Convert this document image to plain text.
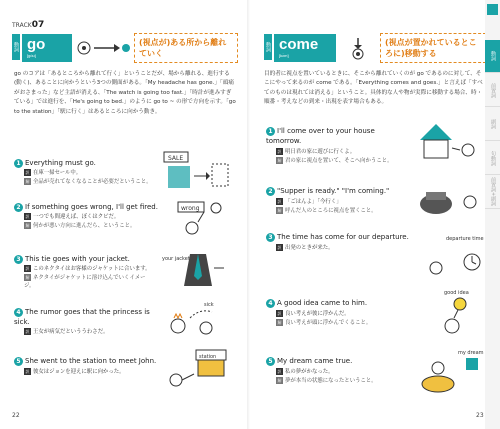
TRACK07
動詞 go
[góu]
(視点が)ある所から離れていく
go のコアは「あるところから離れて行く」ということだが、場から離れる、進行する(動く)、あることに向かうという3つの側面がある。「My headache has gone.」「頭痛がおさまった」など主語が消える、「The watch is going too fast.」「時計が進みすぎている」では進行を、「He's going to bed.」のように go to ~ の形で方向を示す。「go to the station」「駅に行く」はあるところに向かう動き。
1 Everything must go.
訳 在庫一掃セール中。
解 全品が売れてなくなることが必要だということ。
SALE
2 If something goes wrong, I'll get fired.
訳 一つでも間違えば、ぼくはクビだ。
解 何かが悪い方向に進んだら、ということ。
wrong
3 This tie goes with your jacket.
訳 このネクタイはお客様のジャケットに合います。
解 ネクタイがジャケットに溶け込んでいくイメージ。
your jacket
4 The rumor goes that the princess is sick.
訳 王女が病気だといううわさだ。
sick
5 She went to the station to meet John.
訳 彼女はジョンを迎えに駅に向かった。
station
22
動詞 come
[kʌ́m]
(視点が置かれているところに)移動する
目的者に視点を置いているときに、そこから離れていくのが go であるのに対して、そこにやって来るのが come である。「Everything comes and goes.」と言えば「すべてのものは現れては消える」ということ。具体的な人や物が実際に移動する場合、時・順番・考えなどの到来・出現を表す場合もある。
1 I'll come over to your house tomorrow.
訳 明日君の家に遊びに行くよ。
解 君の家に視点を置いて、そこへ向かうこと。
2 "Supper is ready." "I'm coming."
訳 「ごはんよ」「今行く」
解 呼んだ人のところに視点を置くこと。
3 The time has come for our departure.
訳 出発のときが来た。
departure time
4 A good idea came to him.
訳 良い考えが彼に浮かんだ。
解 良い考えが頭に浮かんでくること。
good idea
5 My dream came true.
訳 私の夢がかなった。
解 夢が本当の状態になったということ。
my dream
23
動詞
前置詞
副詞
句動詞
前置詞+副詞
